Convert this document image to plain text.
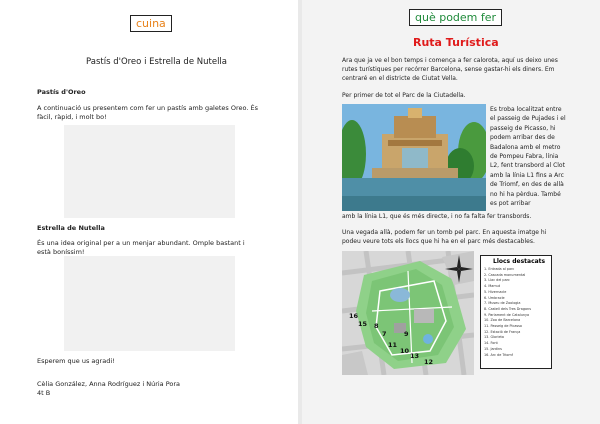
cuina
Pastís d'Oreo i Estrella de Nutella
Pastís d'Oreo
A continuació us presentem com fer un pastís amb galetes Oreo. És fàcil, ràpid, i molt bo!
Estrella de Nutella
És una idea original per a un menjar abundant. Omple bastant i està boníssim!
Esperem que us agradi!
Cèlia González, Anna Rodríguez i Núria Pora
4t B
què podem fer
Ruta Turística
Ara que ja ve el bon temps i comença a fer calorota, aquí us deixo unes rutes turístiques per recórrer Barcelona, sense gastar-hi els diners. Em centraré en el districte de Ciutat Vella.
Per primer de tot el Parc de la Ciutadella.
Es troba localitzat entre el passeig de Pujades i el passeig de Picasso, hi podem arribar des de Badalona amb el metro de Pompeu Fabra, línia L2, fent transbord al Clot amb la línia L1 fins a Arc de Triomf, en des de allà no hi ha pèrdua. També es pot arribar
amb la línia L1, que és més directe, i no fa falta fer transbords.
Una vegada allà, podem fer un tomb pel parc. En aquesta imatge hi podeu veure tots els llocs que hi ha en el parc més destacables.
16
15 8
7	9
11
10
13
12
Llocs destacats
1. Entrada al parc
2. Cascada monumental
3. Llac del parc
4. Mamut
5. Hivernacle
6. Umbracle
7. Museu de Zoologia
8. Castell dels Tres Dragons
9. Parlament de Catalunya
10. Zoo de Barcelona
11. Passeig de Picasso
12. Estació de França
13. Glorieta
14. Font
15. Jardins
16. Arc de Triomf
